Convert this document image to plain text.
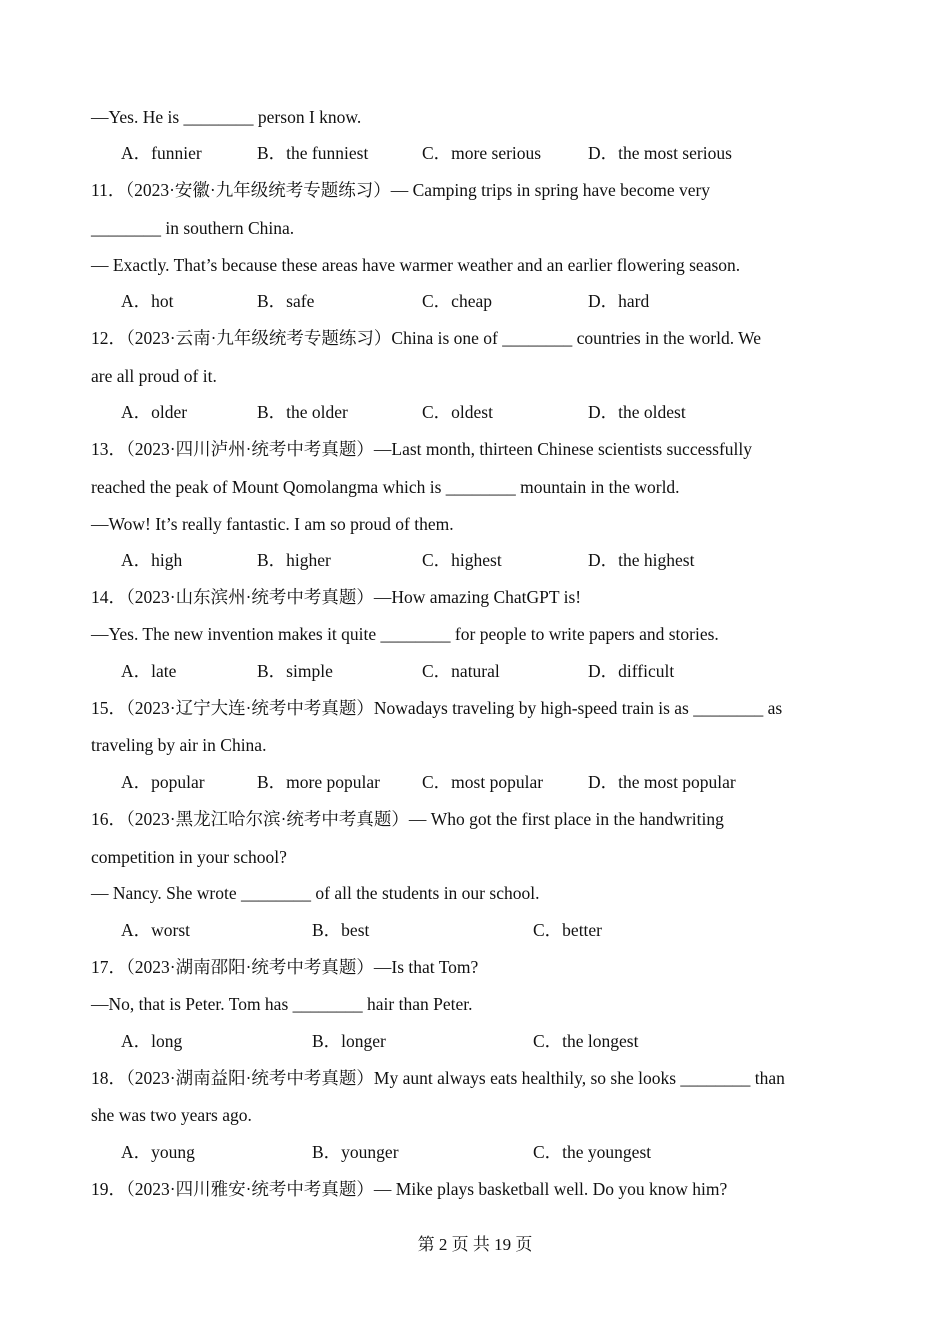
—Yes. He is ________ person I know.
A．funnier	B．the funniest	C．more serious	D．the most serious
11．（2023·安徽·九年级统考专题练习）— Camping trips in spring have become very
________ in southern China.
— Exactly. That’s because these areas have warmer weather and an earlier flowering season.
A．hot	B．safe	C．cheap	D．hard
12．（2023·云南·九年级统考专题练习）China is one of ________ countries in the world. We
are all proud of it.
A．older	B．the older	C．oldest	D．the oldest
13．（2023·四川泸州·统考中考真题）—Last month, thirteen Chinese scientists successfully
reached the peak of Mount Qomolangma which is ________ mountain in the world.
—Wow! It’s really fantastic. I am so proud of them.
A．high	B．higher	C．highest	D．the highest
14．（2023·山东滨州·统考中考真题）—How amazing ChatGPT is!
—Yes. The new invention makes it quite ________ for people to write papers and stories.
A．late	B．simple	C．natural	D．difficult
15．（2023·辽宁大连·统考中考真题）Nowadays traveling by high-speed train is as ________ as
traveling by air in China.
A．popular	B．more popular C．most popular	D．the most popular
16．（2023·黑龙江哈尔滨·统考中考真题）— Who got the first place in the handwriting
competition in your school?
— Nancy. She wrote ________ of all the students in our school.
A．worst	B．best	C．better
17．（2023·湖南邵阳·统考中考真题）—Is that Tom?
—No, that is Peter. Tom has ________ hair than Peter.
A．long	B．longer	C．the longest
18．（2023·湖南益阳·统考中考真题）My aunt always eats healthily, so she looks ________ than
she was two years ago.
A．young	B．younger	C．the youngest
19．（2023·四川雅安·统考中考真题）— Mike plays basketball well. Do you know him?
第 2 页 共 19 页
